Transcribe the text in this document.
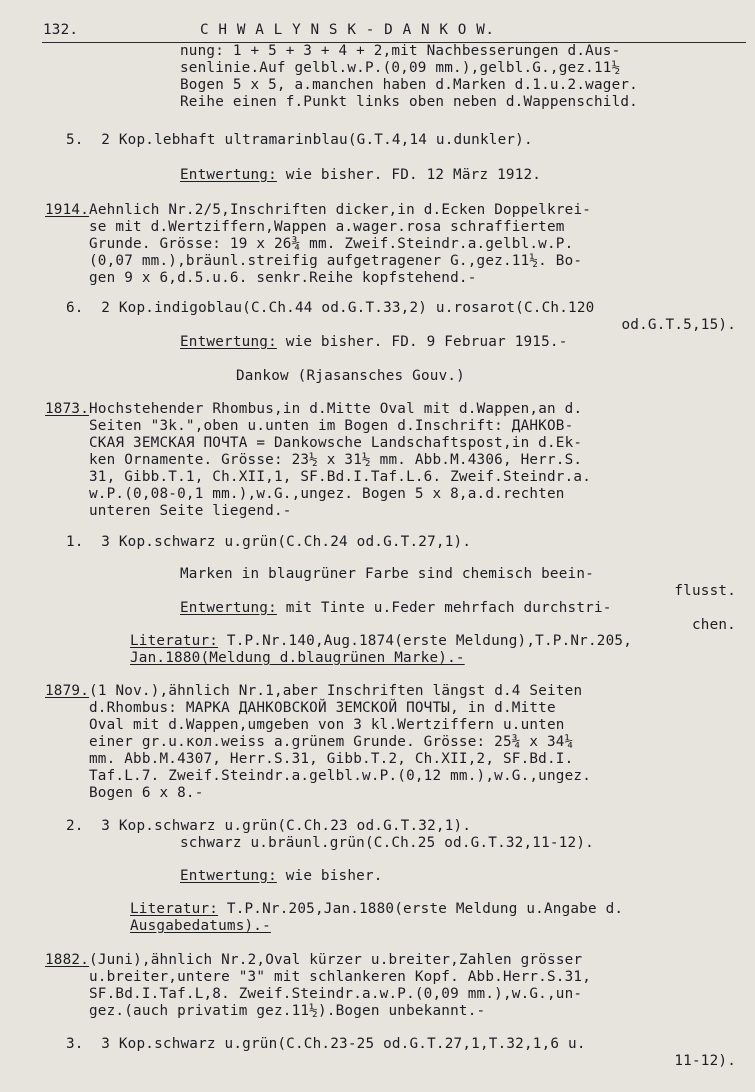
132.	C H W A L Y N S K - D A N K O W.
nung: 1 + 5 + 3 + 4 + 2,mit Nachbesserungen d.Aus-
senlinie.Auf gelbl.w.P.(0,09 mm.),gelbl.G.,gez.11½
Bogen 5 x 5, a.manchen haben d.Marken d.1.u.2.wager.
Reihe einen f.Punkt links oben neben d.Wappenschild.
5.  2 Kop.lebhaft ultramarinblau(G.T.4,14 u.dunkler).
Entwertung: wie bisher. FD. 12 März 1912.
1914.Aehnlich Nr.2/5,Inschriften dicker,in d.Ecken Doppelkrei-
se mit d.Wertziffern,Wappen a.wager.rosa schraffiertem
Grunde. Grösse: 19 x 26¾ mm. Zweif.Steindr.a.gelbl.w.P.
(0,07 mm.),bräunl.streifig aufgetragener G.,gez.11½. Bo-
gen 9 x 6,d.5.u.6. senkr.Reihe kopfstehend.-
6.  2 Kop.indigoblau(C.Ch.44 od.G.T.33,2) u.rosarot(C.Ch.120
od.G.T.5,15).
Entwertung: wie bisher. FD. 9 Februar 1915.-
Dankow (Rjasansches Gouv.)
1873.Hochstehender Rhombus,in d.Mitte Oval mit d.Wappen,an d.
Seiten "3k.",oben u.unten im Bogen d.Inschrift: ДАНКОВ-
СКАЯ ЗЕМСКАЯ ПОЧТА = Dankowsche Landschaftspost,in d.Ek-
ken Ornamente. Grösse: 23½ x 31½ mm. Abb.M.4306, Herr.S.
31, Gibb.T.1, Ch.XII,1, SF.Bd.I.Taf.L.6. Zweif.Steindr.a.
w.P.(0,08-0,1 mm.),w.G.,ungez. Bogen 5 x 8,a.d.rechten
unteren Seite liegend.-
1.  3 Kop.schwarz u.grün(C.Ch.24 od.G.T.27,1).
Marken in blaugrüner Farbe sind chemisch beein-
flusst.
Entwertung: mit Tinte u.Feder mehrfach durchstri-
chen.
Literatur: T.P.Nr.140,Aug.1874(erste Meldung),T.P.Nr.205,
Jan.1880(Meldung d.blaugrünen Marke).-
1879.(1 Nov.),ähnlich Nr.1,aber Inschriften längst d.4 Seiten
d.Rhombus: МАРКА ДАНКОВСКОЙ ЗЕМСКОЙ ПОЧТЫ, in d.Mitte
Oval mit d.Wappen,umgeben von 3 kl.Wertziffern u.unten
einer gr.u.кол.weiss a.grünem Grunde. Grösse: 25¾ x 34¼
mm. Abb.M.4307, Herr.S.31, Gibb.T.2, Ch.XII,2, SF.Bd.I.
Taf.L.7. Zweif.Steindr.a.gelbl.w.P.(0,12 mm.),w.G.,ungez.
Bogen 6 x 8.-
2.  3 Kop.schwarz u.grün(C.Ch.23 od.G.T.32,1).
schwarz u.bräunl.grün(C.Ch.25 od.G.T.32,11-12).
Entwertung: wie bisher.
Literatur: T.P.Nr.205,Jan.1880(erste Meldung u.Angabe d.
Ausgabedatums).-
1882.(Juni),ähnlich Nr.2,Oval kürzer u.breiter,Zahlen grösser
u.breiter,untere "3" mit schlankeren Kopf. Abb.Herr.S.31,
SF.Bd.I.Taf.L,8. Zweif.Steindr.a.w.P.(0,09 mm.),w.G.,un-
gez.(auch privatim gez.11½).Bogen unbekannt.-
3.  3 Kop.schwarz u.grün(C.Ch.23-25 od.G.T.27,1,T.32,1,6 u.
11-12).
